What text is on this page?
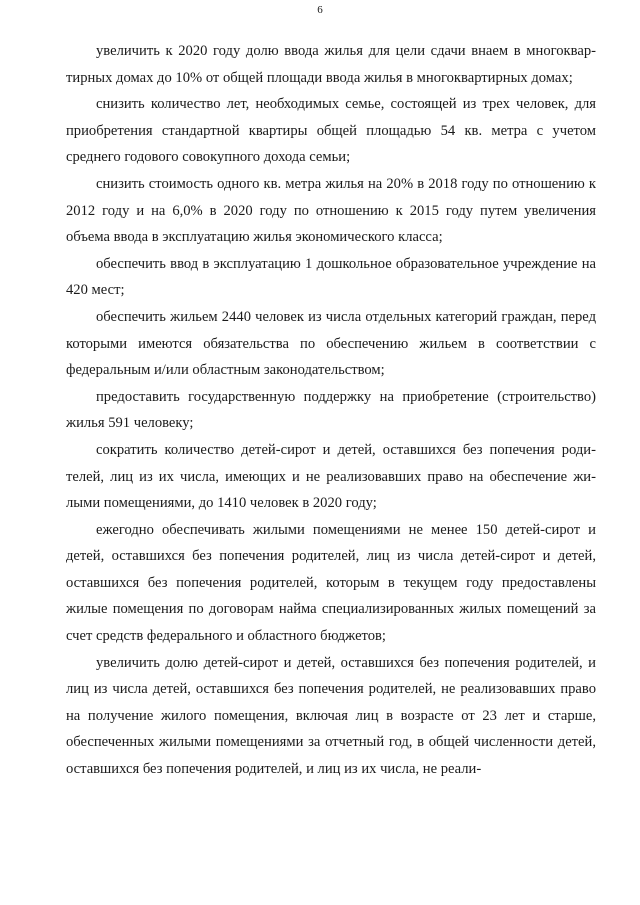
6

увеличить к 2020 году долю ввода жилья для цели сдачи внаем в многоквартирных домах до 10% от общей площади ввода жилья в многоквартирных домах;

снизить количество лет, необходимых семье, состоящей из трех человек, для приобретения стандартной квартиры общей площадью 54 кв. метра с учетом среднего годового совокупного дохода семьи;

снизить стоимость одного кв. метра жилья на 20% в 2018 году по отношению к 2012 году и на 6,0% в 2020 году по отношению к 2015 году путем увеличения объема ввода в эксплуатацию жилья экономического класса;

обеспечить ввод в эксплуатацию 1 дошкольное образовательное учреждение на 420 мест;

обеспечить жильем 2440 человек из числа отдельных категорий граждан, перед которыми имеются обязательства по обеспечению жильем в соответствии с федеральным и/или областным законодательством;

предоставить государственную поддержку на приобретение (строительство) жилья 591 человеку;

сократить количество детей-сирот и детей, оставшихся без попечения родителей, лиц из их числа, имеющих и не реализовавших право на обеспечение жилыми помещениями, до 1410 человек в 2020 году;

ежегодно обеспечивать жилыми помещениями не менее 150 детей-сирот и детей, оставшихся без попечения родителей, лиц из числа детей-сирот и детей, оставшихся без попечения родителей, которым в текущем году предоставлены жилые помещения по договорам найма специализированных жилых помещений за счет средств федерального и областного бюджетов;

увеличить долю детей-сирот и детей, оставшихся без попечения родителей, и лиц из числа детей, оставшихся без попечения родителей, не реализовавших право на получение жилого помещения, включая лиц в возрасте от 23 лет и старше, обеспеченных жилыми помещениями за отчетный год, в общей численности детей, оставшихся без попечения родителей, и лиц из их числа, не реали-
